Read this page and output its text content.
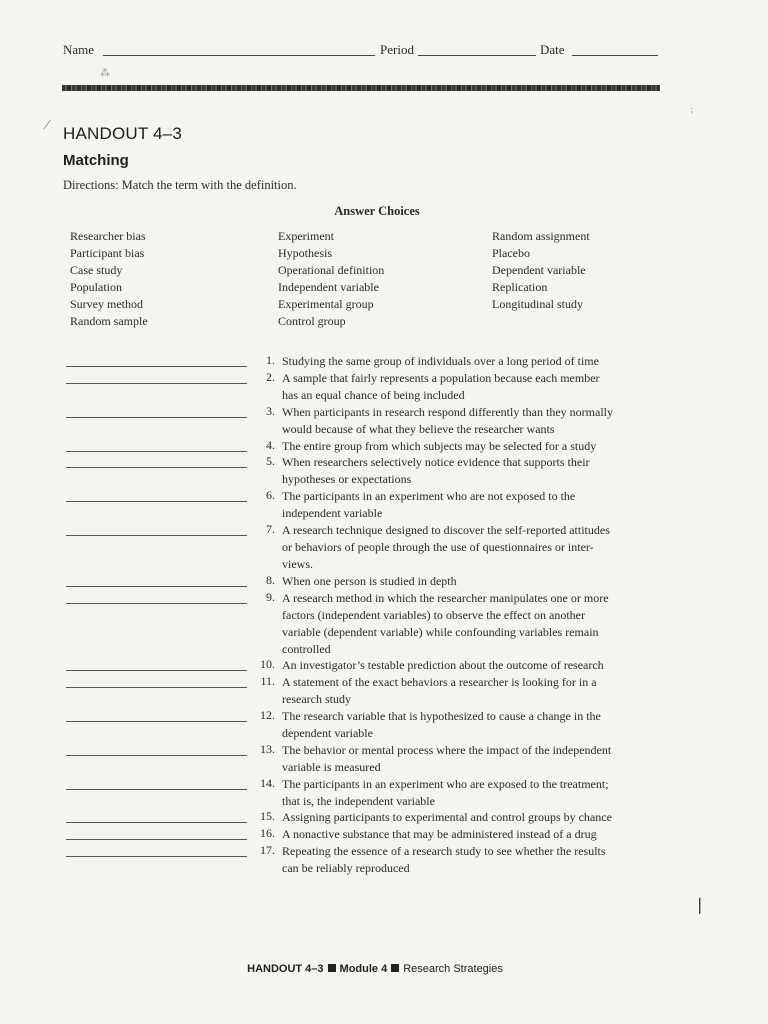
Name	Period	Date
HANDOUT 4–3
Matching
Directions: Match the term with the definition.
Answer Choices
Researcher bias
Participant bias
Case study
Population
Survey method
Random sample
Experiment
Hypothesis
Operational definition
Independent variable
Experimental group
Control group
Random assignment
Placebo
Dependent variable
Replication
Longitudinal study
1. Studying the same group of individuals over a long period of time
2. A sample that fairly represents a population because each member
has an equal chance of being included
3. When participants in research respond differently than they normally
would because of what they believe the researcher wants
4. The entire group from which subjects may be selected for a study
5. When researchers selectively notice evidence that supports their
hypotheses or expectations
6. The participants in an experiment who are not exposed to the
independent variable
7. A research technique designed to discover the self-reported attitudes
or behaviors of people through the use of questionnaires or inter-
views.
8. When one person is studied in depth
9. A research method in which the researcher manipulates one or more
factors (independent variables) to observe the effect on another
variable (dependent variable) while confounding variables remain
controlled
10. An investigator’s testable prediction about the outcome of research
11. A statement of the exact behaviors a researcher is looking for in a
research study
12. The research variable that is hypothesized to cause a change in the
dependent variable
13. The behavior or mental process where the impact of the independent
variable is measured
14. The participants in an experiment who are exposed to the treatment;
that is, the independent variable
15. Assigning participants to experimental and control groups by chance
16. A nonactive substance that may be administered instead of a drug
17. Repeating the essence of a research study to see whether the results
can be reliably reproduced
HANDOUT 4–3 Module 4 Research Strategies
⁂
⁏
⁄
❘
